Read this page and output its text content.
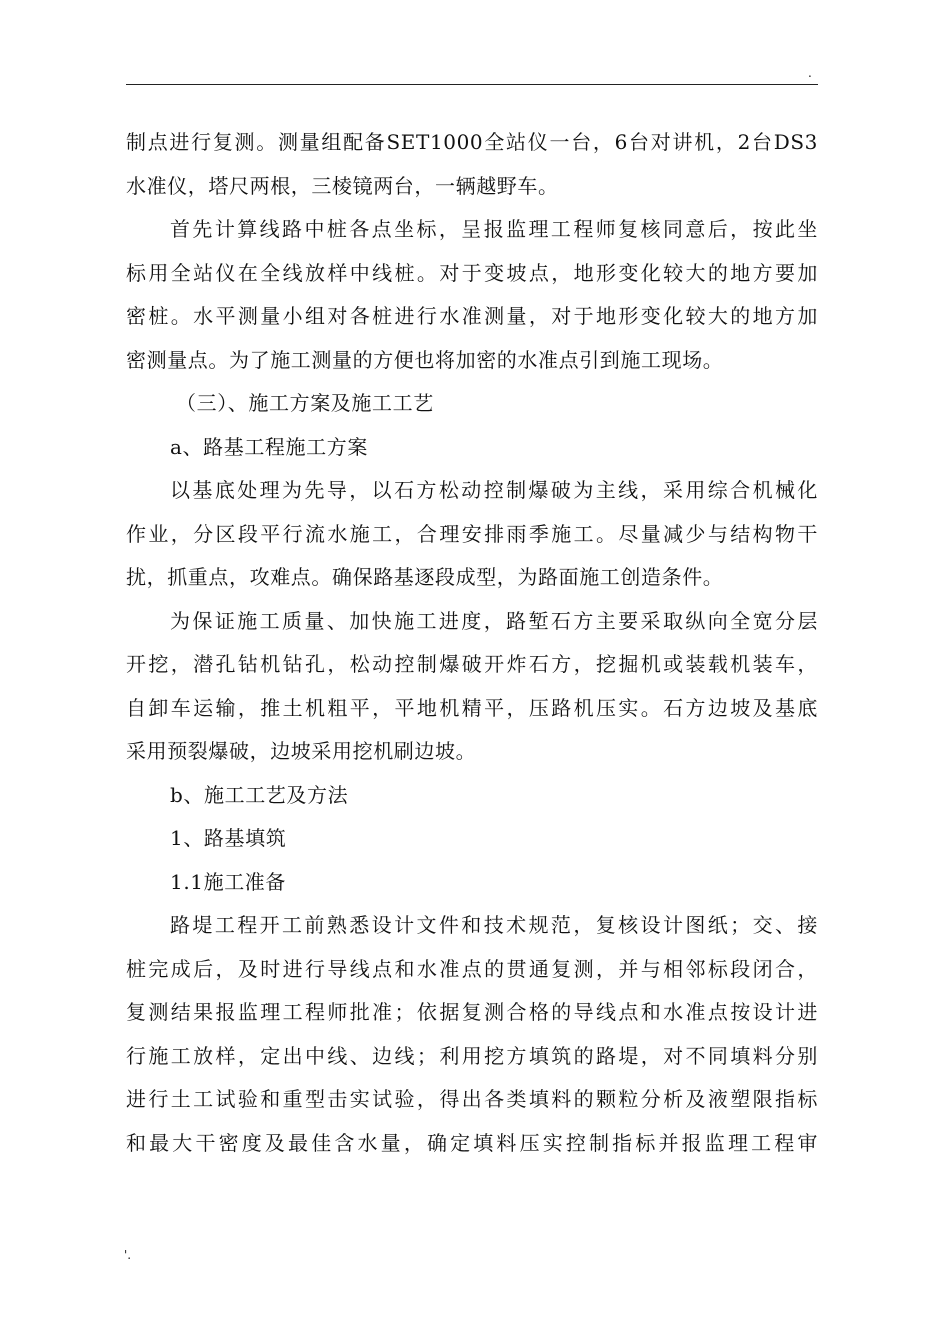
.
制点进行复测。测量组配备SET1000全站仪一台，6台对讲机，2台DS3
水准仪，塔尺两根，三棱镜两台，一辆越野车。
首先计算线路中桩各点坐标，呈报监理工程师复核同意后，按此坐
标用全站仪在全线放样中线桩。对于变坡点，地形变化较大的地方要加
密桩。水平测量小组对各桩进行水准测量，对于地形变化较大的地方加
密测量点。为了施工测量的方便也将加密的水准点引到施工现场。
（三）、施工方案及施工工艺
a、路基工程施工方案
以基底处理为先导，以石方松动控制爆破为主线，采用综合机械化
作业，分区段平行流水施工，合理安排雨季施工。尽量减少与结构物干
扰，抓重点，攻难点。确保路基逐段成型，为路面施工创造条件。
为保证施工质量、加快施工进度，路堑石方主要采取纵向全宽分层
开挖，潜孔钻机钻孔，松动控制爆破开炸石方，挖掘机或装载机装车，
自卸车运输，推土机粗平，平地机精平，压路机压实。石方边坡及基底
采用预裂爆破，边坡采用挖机刷边坡。
b、施工工艺及方法
1、路基填筑
1.1施工准备
路堤工程开工前熟悉设计文件和技术规范，复核设计图纸；交、接
桩完成后，及时进行导线点和水准点的贯通复测，并与相邻标段闭合，
复测结果报监理工程师批准；依据复测合格的导线点和水准点按设计进
行施工放样，定出中线、边线；利用挖方填筑的路堤，对不同填料分别
进行土工试验和重型击实试验，得出各类填料的颗粒分析及液塑限指标
和最大干密度及最佳含水量，确定填料压实控制指标并报监理工程审
'.
